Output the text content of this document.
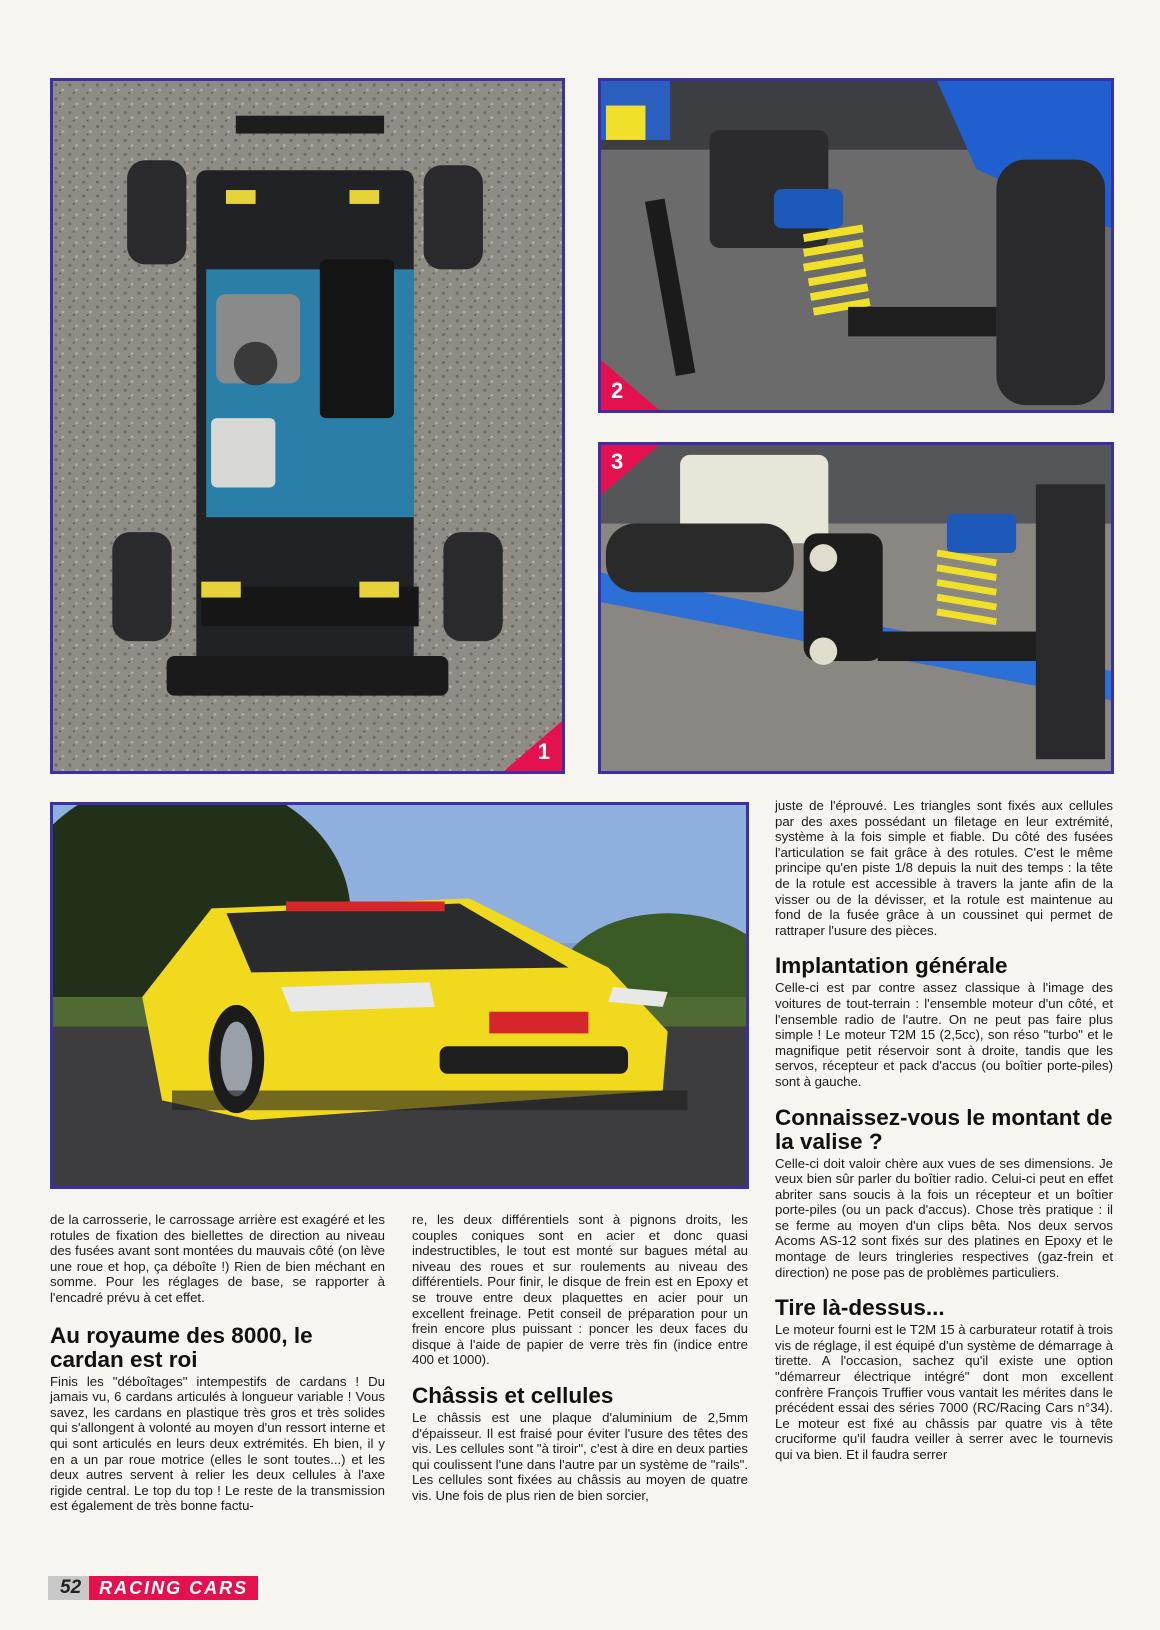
1
2
3

de la carrosserie, le carrossage arrière est exagéré et les rotules de fixation des biellettes de direction au niveau des fusées avant sont montées du mauvais côté (on lève une roue et hop, ça déboîte !) Rien de bien méchant en somme. Pour les réglages de base, se rapporter à l'encadré prévu à cet effet.

Au royaume des 8000, le cardan est roi

Finis les "déboîtages" intempestifs de cardans ! Du jamais vu, 6 cardans articulés à longueur variable ! Vous savez, les cardans en plastique très gros et très solides qui s'allongent à volonté au moyen d'un ressort interne et qui sont articulés en leurs deux extrémités. Eh bien, il y en a un par roue motrice (elles le sont toutes...) et les deux autres servent à relier les deux cellules à l'axe rigide central. Le top du top ! Le reste de la transmission est également de très bonne factu-

re, les deux différentiels sont à pignons droits, les couples coniques sont en acier et donc quasi indestructibles, le tout est monté sur bagues métal au niveau des roues et sur roulements au niveau des différentiels. Pour finir, le disque de frein est en Epoxy et se trouve entre deux plaquettes en acier pour un excellent freinage. Petit conseil de préparation pour un frein encore plus puissant : poncer les deux faces du disque à l'aide de papier de verre très fin (indice entre 400 et 1000).

Châssis et cellules

Le châssis est une plaque d'aluminium de 2,5mm d'épaisseur. Il est fraisé pour éviter l'usure des têtes des vis. Les cellules sont "à tiroir", c'est à dire en deux parties qui coulissent l'une dans l'autre par un système de "rails". Les cellules sont fixées au châssis au moyen de quatre vis. Une fois de plus rien de bien sorcier,

juste de l'éprouvé. Les triangles sont fixés aux cellules par des axes possédant un filetage en leur extrémité, système à la fois simple et fiable. Du côté des fusées l'articulation se fait grâce à des rotules. C'est le même principe qu'en piste 1/8 depuis la nuit des temps : la tête de la rotule est accessible à travers la jante afin de la visser ou de la dévisser, et la rotule est maintenue au fond de la fusée grâce à un coussinet qui permet de rattraper l'usure des pièces.

Implantation générale

Celle-ci est par contre assez classique à l'image des voitures de tout-terrain : l'ensemble moteur d'un côté, et l'ensemble radio de l'autre. On ne peut pas faire plus simple ! Le moteur T2M 15 (2,5cc), son réso "turbo" et le magnifique petit réservoir sont à droite, tandis que les servos, récepteur et pack d'accus (ou boîtier porte-piles) sont à gauche.

Connaissez-vous le montant de la valise ?

Celle-ci doit valoir chère aux vues de ses dimensions. Je veux bien sûr parler du boîtier radio. Celui-ci peut en effet abriter sans soucis à la fois un récepteur et un boîtier porte-piles (ou un pack d'accus). Chose très pratique : il se ferme au moyen d'un clips bêta. Nos deux servos Acoms AS-12 sont fixés sur des platines en Epoxy et le montage de leurs tringleries respectives (gaz-frein et direction) ne pose pas de problèmes particuliers.

Tire là-dessus...

Le moteur fourni est le T2M 15 à carburateur rotatif à trois vis de réglage, il est équipé d'un système de démarrage à tirette. A l'occasion, sachez qu'il existe une option "démarreur électrique intégré" dont mon excellent confrère François Truffier vous vantait les mérites dans le précédent essai des séries 7000 (RC/Racing Cars n°34). Le moteur est fixé au châssis par quatre vis à tête cruciforme qu'il faudra veiller à serrer avec le tournevis qui va bien. Et il faudra serrer

52	RACING CARS
